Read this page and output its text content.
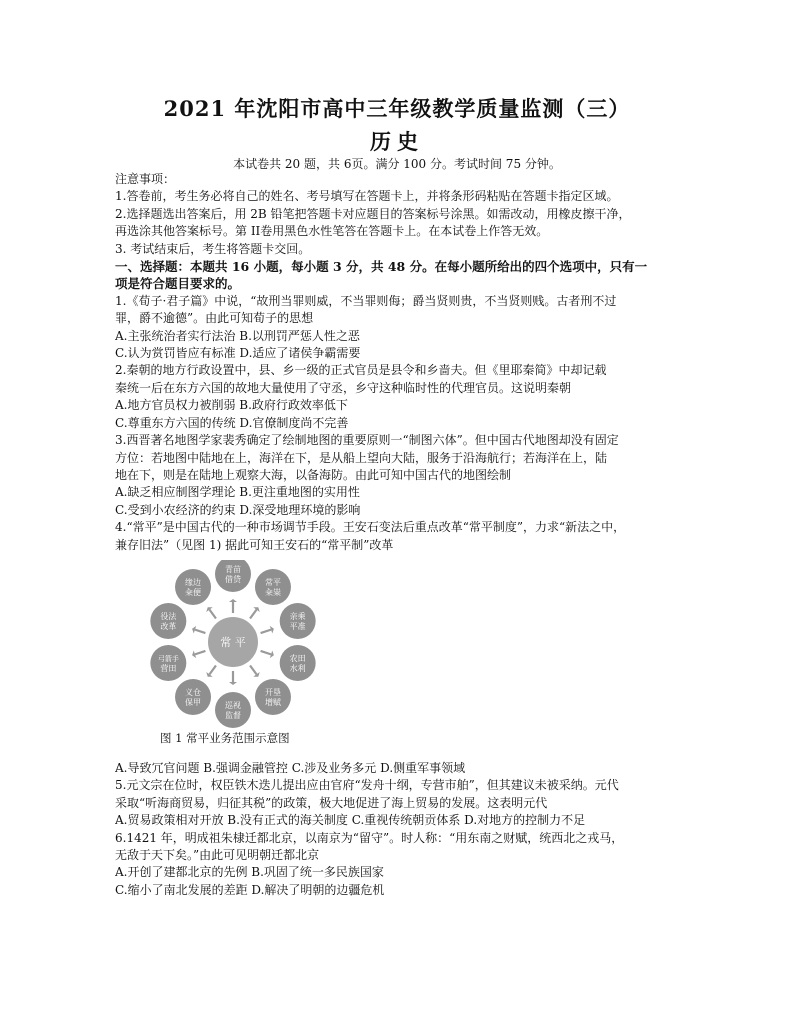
2021 年沈阳市高中三年级教学质量监测（三）
历史
本试卷共 20 题，共 6页。满分 100 分。考试时间 75 分钟。
注意事项：
1.答卷前，考生务必将自己的姓名、考号填写在答题卡上，并将条形码粘贴在答题卡指定区域。
2.选择题选出答案后，用 2B 铅笔把答题卡对应题目的答案标号涂黑。如需改动，用橡皮擦干净，
再选涂其他答案标号。第 II卷用黑色水性笔答在答题卡上。在本试卷上作答无效。
3. 考试结束后，考生将答题卡交回。
一、选择题：本题共 16 小题，每小题 3 分，共 48 分。在每小题所给出的四个选项中，只有一
项是符合题目要求的。
1.《荀子·君子篇》中说，“故刑当罪则威，不当罪则侮；爵当贤则贵，不当贤则贱。古者刑不过
罪，爵不逾德”。由此可知荀子的思想
A.主张统治者实行法治 B.以刑罚严惩人性之恶
C.认为赏罚皆应有标准 D.适应了诸侯争霸需要
2.秦朝的地方行政设置中，县、乡一级的正式官员是县令和乡啬夫。但《里耶秦简》中却记载
秦统一后在东方六国的故地大量使用了守丞，乡守这种临时性的代理官员。这说明秦朝
A.地方官员权力被削弱 B.政府行政效率低下
C.尊重东方六国的传统 D.官僚制度尚不完善
3.西晋著名地图学家裴秀确定了绘制地图的重要原则一“制图六体”。但中国古代地图却没有固定
方位：若地图中陆地在上，海洋在下，是从船上望向大陆，服务于沿海航行；若海洋在上，陆
地在下，则是在陆地上观察大海，以备海防。由此可知中国古代的地图绘制
A.缺乏相应制图学理论 B.更注重地图的实用性
C.受到小农经济的约束 D.深受地理环境的影响
4.“常平”是中国古代的一种市场调节手段。王安石变法后重点改革“常平制度”，力求“新法之中，
兼存旧法”（见图 1) 据此可知王安石的“常平制”改革
常 平
青苗
借贷	常平
籴粜
亲乘
平准
农田
水利
开垦
增赋
巡视
监督
义仓
保甲
弓箭手
营田
役法
改革
缘边
籴便
图 1 常平业务范围示意图
A.导致冗官问题 B.强调金融管控 C.涉及业务多元 D.侧重军事领域
5.元文宗在位时，权臣铁木迭儿提出应由官府“发舟十纲，专营市舶”，但其建议未被采纳。元代
采取“听海商贸易，归征其税”的政策，极大地促进了海上贸易的发展。这表明元代
A.贸易政策相对开放 B.没有正式的海关制度 C.重视传统朝贡体系 D.对地方的控制力不足
6.1421 年，明成祖朱棣迁都北京，以南京为“留守”。时人称：“用东南之财赋，统西北之戎马，
无敌于天下矣。”由此可见明朝迁都北京
A.开创了建都北京的先例 B.巩固了统一多民族国家
C.缩小了南北发展的差距 D.解决了明朝的边疆危机
